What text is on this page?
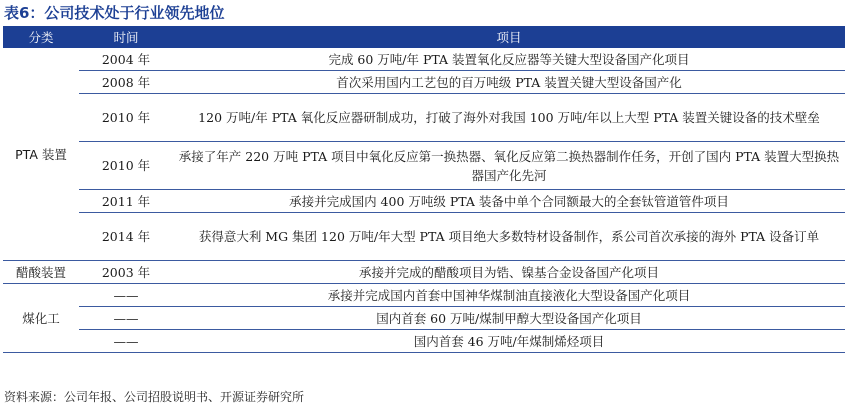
表6：公司技术处于行业领先地位
分类	时间	项目
PTA 装置	2004 年	完成 60 万吨/年 PTA 装置氧化反应器等关键大型设备国产化项目
	2008 年	首次采用国内工艺包的百万吨级 PTA 装置关键大型设备国产化
	2010 年	120 万吨/年 PTA 氧化反应器研制成功，打破了海外对我国 100 万吨/年以上大型 PTA 装置关键设备的技术壁垒
	2010 年	承接了年产 220 万吨 PTA 项目中氧化反应第一换热器、氧化反应第二换热器制作任务，开创了国内 PTA 装置大型换热器国产化先河
	2011 年	承接并完成国内 400 万吨级 PTA 装备中单个合同额最大的全套钛管道管件项目
	2014 年	获得意大利 MG 集团 120 万吨/年大型 PTA 项目绝大多数特材设备制作，系公司首次承接的海外 PTA 设备订单
醋酸装置	2003 年	承接并完成的醋酸项目为锆、镍基合金设备国产化项目
煤化工	——	承接并完成国内首套中国神华煤制油直接液化大型设备国产化项目
	——	国内首套 60 万吨/煤制甲醇大型设备国产化项目
	——	国内首套 46 万吨/年煤制烯烃项目
资料来源：公司年报、公司招股说明书、开源证券研究所
